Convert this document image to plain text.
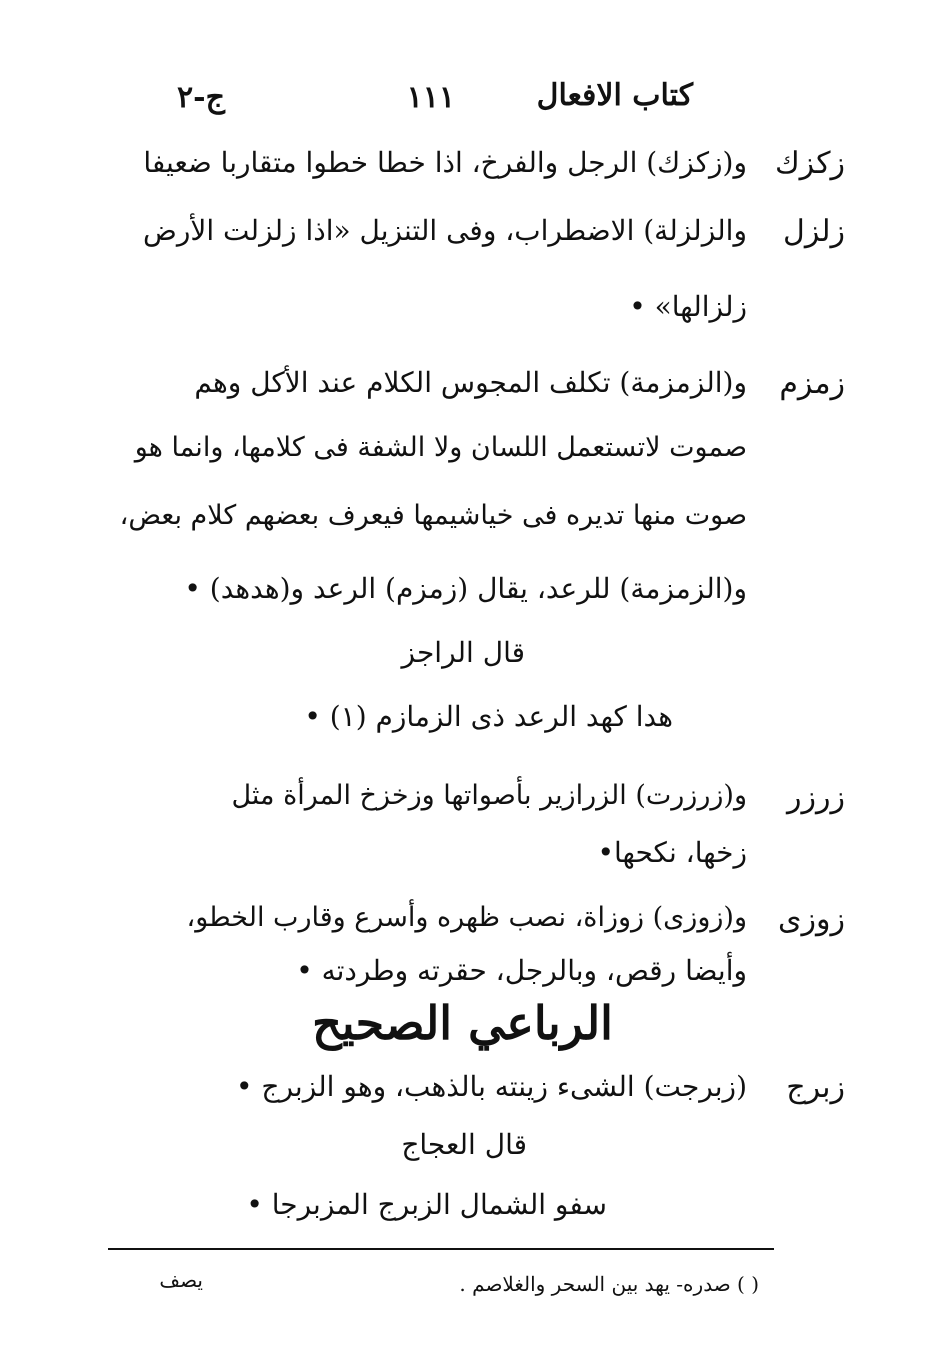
كتاب الافعال
١١١
ج-٢
زكزك
و(زكزك) الرجل والفرخ، اذا خطا خطوا متقاربا ضعيفا
زلزل
والزلزلة) الاضطراب، وفى التنزيل «اذا زلزلت الأرض
زلزالها» •
زمزم
و(الزمزمة) تكلف المجوس الكلام عند الأكل وهم
صموت لاتستعمل اللسان ولا الشفة فى كلامها، وانما هو
صوت منها تديره فى خياشيمها فيعرف بعضهم كلام بعض،
و(الزمزمة) للرعد، يقال (زمزم) الرعد و(هدهد) •
قال الراجز
هدا كهد الرعد ذى الزمازم (١) •
زرزر
و(زرزرت) الزرازير بأصواتها وزخزخ المرأة مثل
زخها، نكحها•
زوزى
و(زوزى) زوزاة، نصب ظهره وأسرع وقارب الخطو،
وأيضا رقص، وبالرجل، حقرته وطردته •
الرباعي الصحيح
زبرج
(زبرجت) الشىء زينته بالذهب، وهو الزبرج •
قال العجاج
سفو الشمال الزبرج المزبرجا •
( ) صدره- يهد بين السحر والغلاصم .
يصف
